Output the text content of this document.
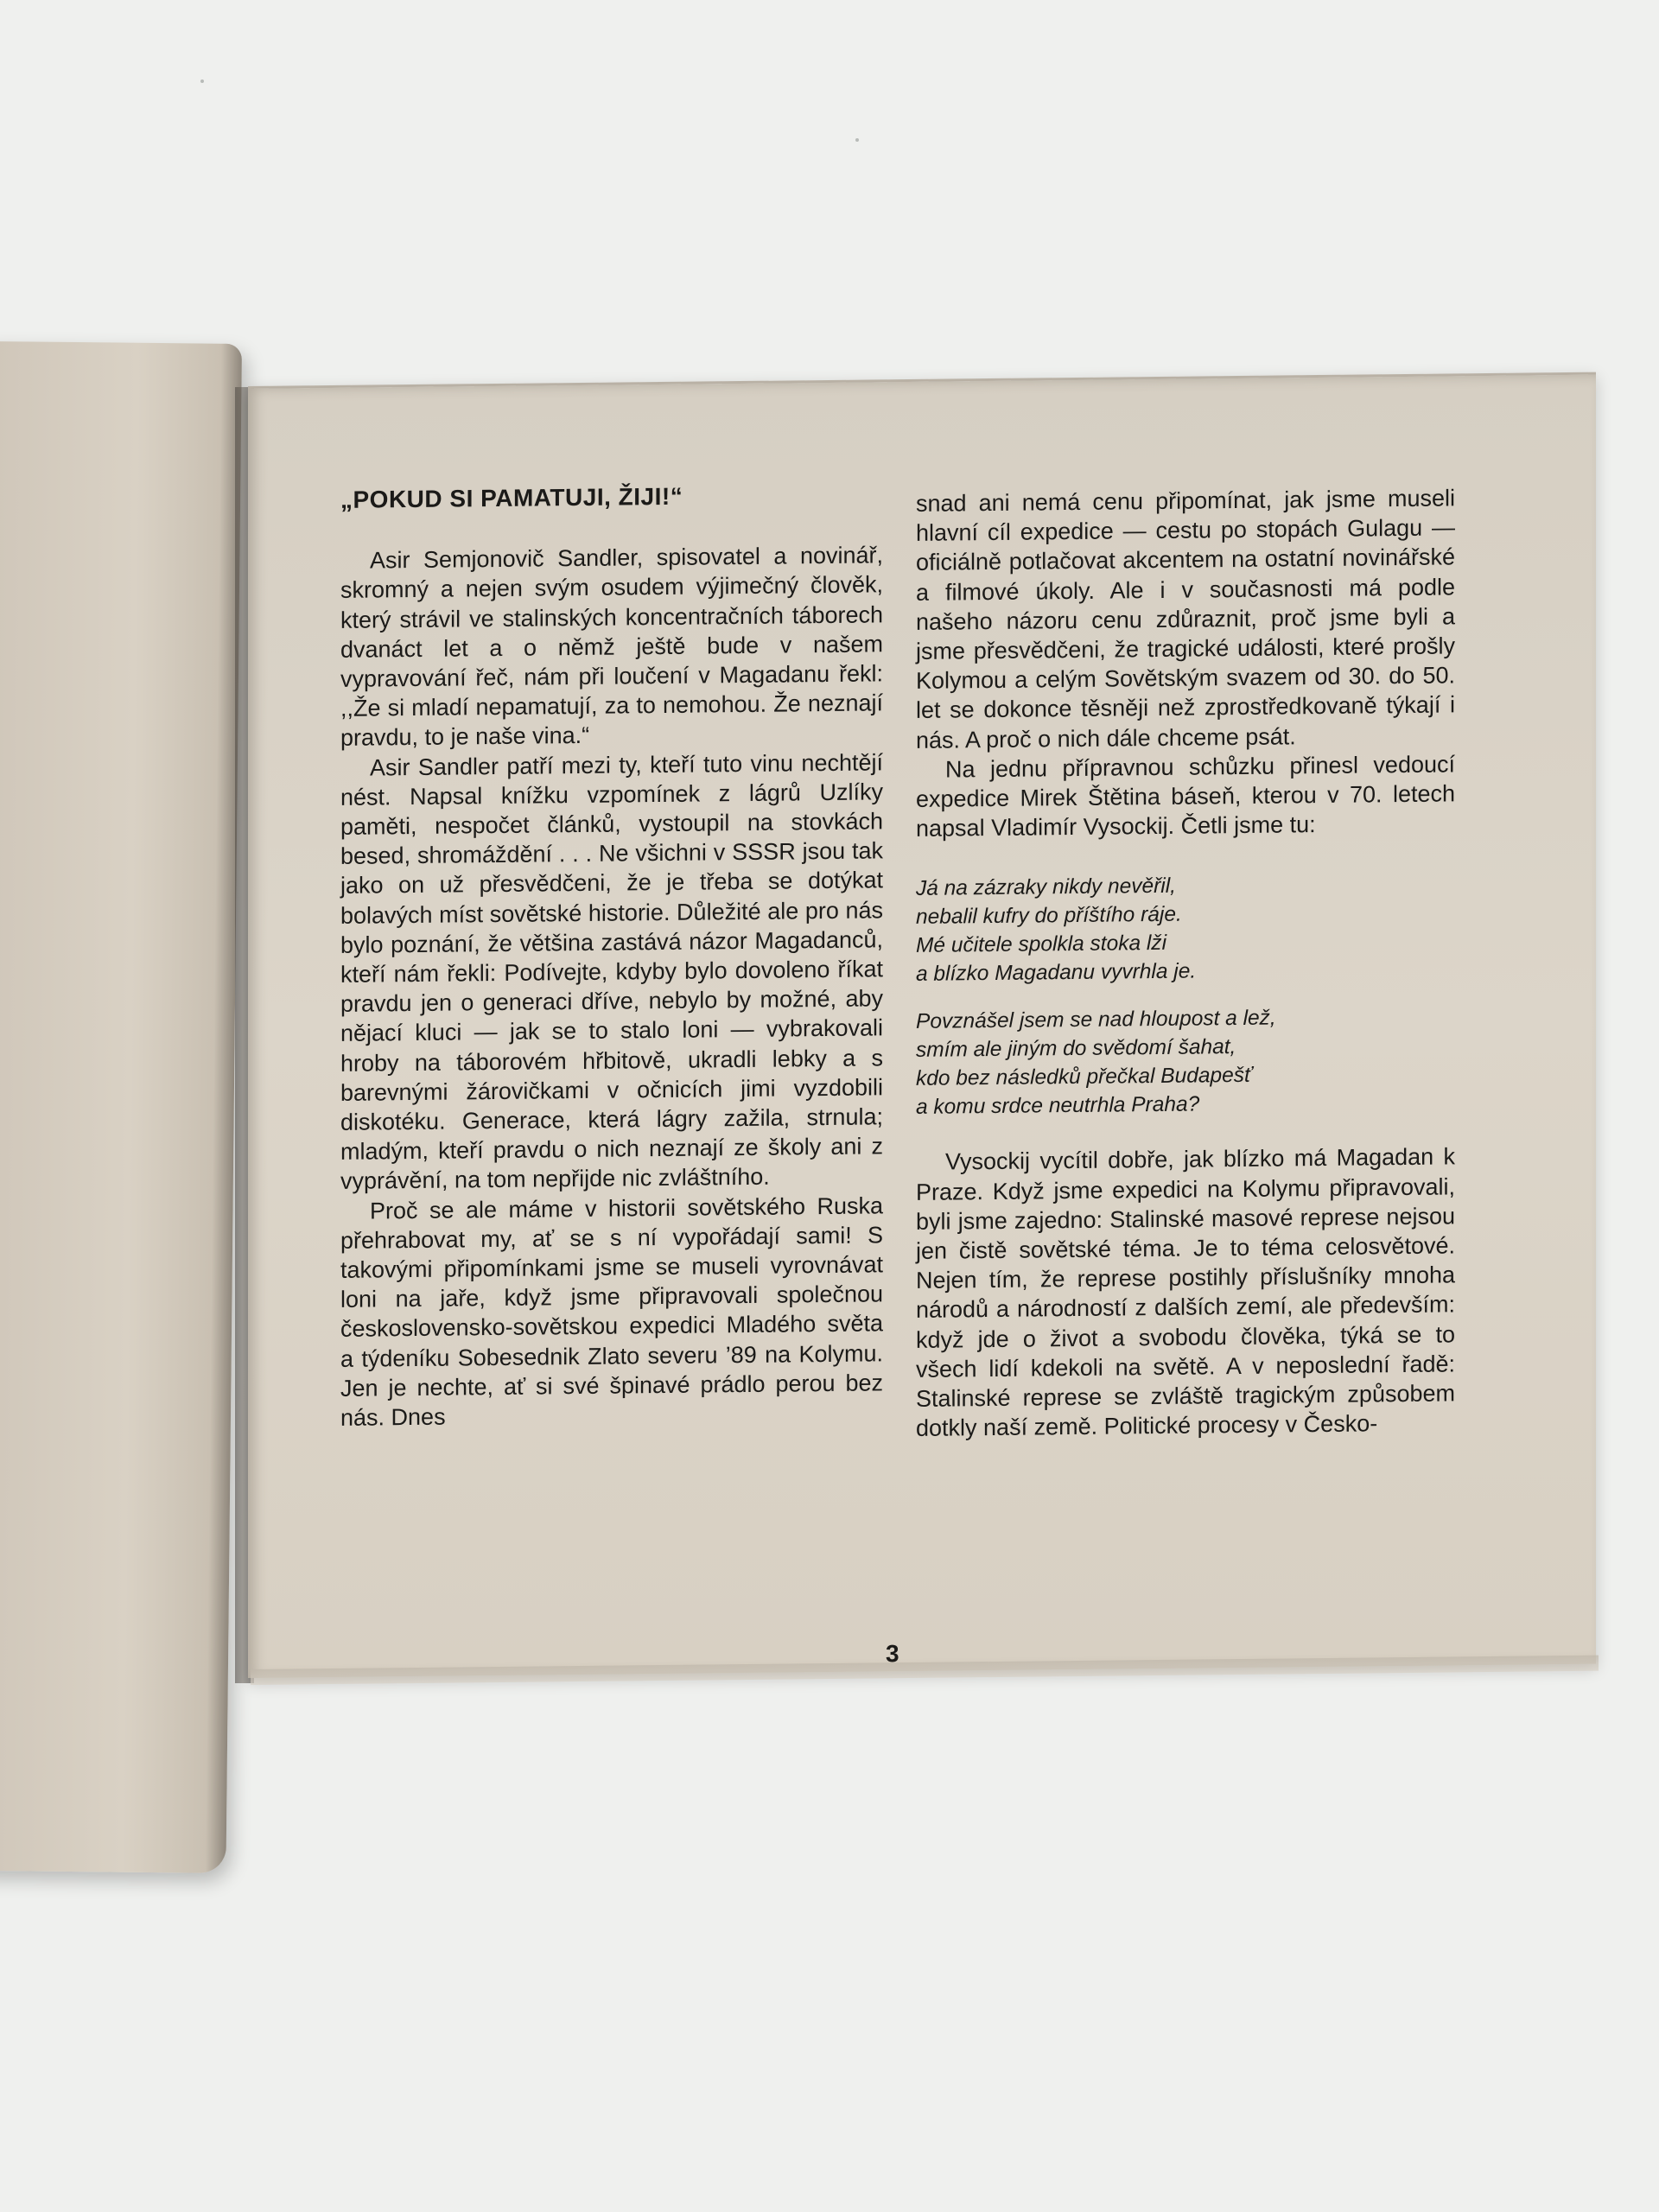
„POKUD SI PAMATUJI, ŽIJI!“

Asir Semjonovič Sandler, spisovatel a novinář, skromný a nejen svým osudem výjimečný člověk, který strávil ve stalinských koncentračních táborech dvanáct let a o němž ještě bude v našem vypravování řeč, nám při loučení v Magadanu řekl: ,,Že si mladí nepamatují, za to nemohou. Že neznají pravdu, to je naše vina.“

Asir Sandler patří mezi ty, kteří tuto vinu nechtějí nést. Napsal knížku vzpomínek z lágrů Uzlíky paměti, nespočet článků, vystoupil na stovkách besed, shromáždění . . . Ne všichni v SSSR jsou tak jako on už přesvědčeni, že je třeba se dotýkat bolavých míst sovětské historie. Důležité ale pro nás bylo poznání, že většina zastává názor Magadanců, kteří nám řekli: Podívejte, kdyby bylo dovoleno říkat pravdu jen o generaci dříve, nebylo by možné, aby nějací kluci — jak se to stalo loni — vybrakovali hroby na táborovém hřbitově, ukradli lebky a s barevnými žárovičkami v očnicích jimi vyzdobili diskotéku. Generace, která lágry zažila, strnula; mladým, kteří pravdu o nich neznají ze školy ani z vyprávění, na tom nepřijde nic zvláštního.

Proč se ale máme v historii sovětského Ruska přehrabovat my, ať se s ní vypořádají sami! S takovými připomínkami jsme se museli vyrovnávat loni na jaře, když jsme připravovali společnou československo-sovětskou expedici Mladého světa a týdeníku Sobesednik Zlato severu ’89 na Kolymu. Jen je nechte, ať si své špinavé prádlo perou bez nás. Dnes

snad ani nemá cenu připomínat, jak jsme museli hlavní cíl expedice — cestu po stopách Gulagu — oficiálně potlačovat akcentem na ostatní novinářské a filmové úkoly. Ale i v současnosti má podle našeho názoru cenu zdůraznit, proč jsme byli a jsme přesvědčeni, že tragické události, které prošly Kolymou a celým Sovětským svazem od 30. do 50. let se dokonce těsněji než zprostředkovaně týkají i nás. A proč o nich dále chceme psát.

Na jednu přípravnou schůzku přinesl vedoucí expedice Mirek Štětina báseň, kterou v 70. letech napsal Vladimír Vysockij. Četli jsme tu:

Já na zázraky nikdy nevěřil,
nebalil kufry do příštího ráje.
Mé učitele spolkla stoka lži
a blízko Magadanu vyvrhla je.
Povznášel jsem se nad hloupost a lež,
smím ale jiným do svědomí šahat,
kdo bez následků přečkal Budapešť
a komu srdce neutrhla Praha?

Vysockij vycítil dobře, jak blízko má Magadan k Praze. Když jsme expedici na Kolymu připravovali, byli jsme zajedno: Stalinské masové represe nejsou jen čistě sovětské téma. Je to téma celosvětové. Nejen tím, že represe postihly příslušníky mnoha národů a národností z dalších zemí, ale především: když jde o život a svobodu člověka, týká se to všech lidí kdekoli na světě. A v neposlední řadě: Stalinské represe se zvláště tragickým způsobem dotkly naší země. Politické procesy v Česko-

3
